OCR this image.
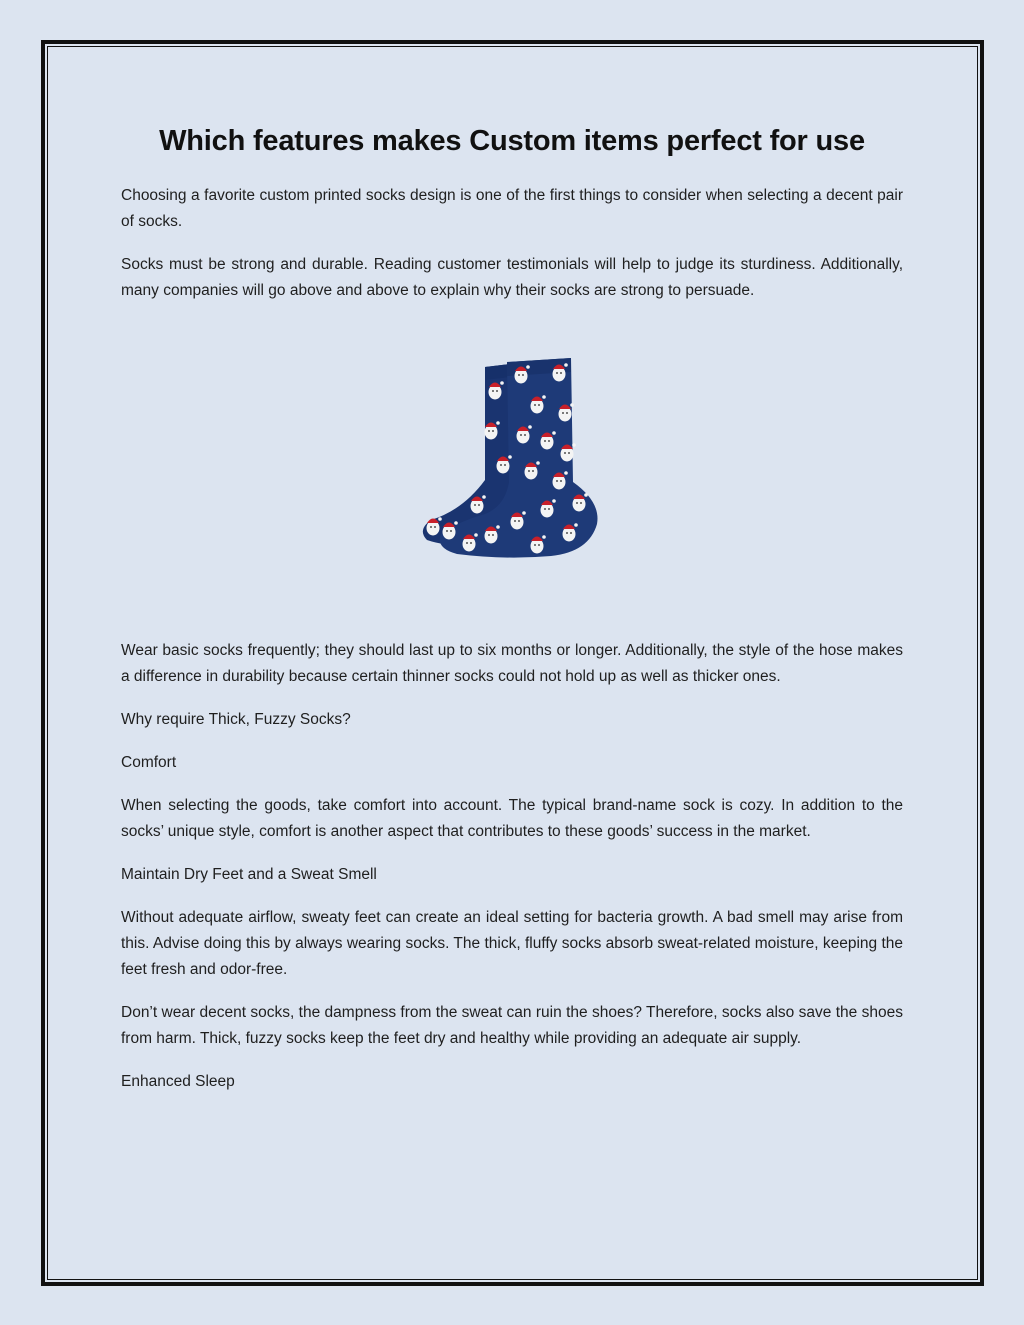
Which features makes Custom items perfect for use

Choosing a favorite custom printed socks design is one of the first things to consider when selecting a decent pair of socks.

Socks must be strong and durable. Reading customer testimonials will help to judge its sturdiness. Additionally, many companies will go above and above to explain why their socks are strong to persuade.

Wear basic socks frequently; they should last up to six months or longer. Additionally, the style of the hose makes a difference in durability because certain thinner socks could not hold up as well as thicker ones.

Why require Thick, Fuzzy Socks?

Comfort

When selecting the goods, take comfort into account. The typical brand-name sock is cozy. In addition to the socks’ unique style, comfort is another aspect that contributes to these goods’ success in the market.

Maintain Dry Feet and a Sweat Smell

Without adequate airflow, sweaty feet can create an ideal setting for bacteria growth. A bad smell may arise from this. Advise doing this by always wearing socks. The thick, fluffy socks absorb sweat-related moisture, keeping the feet fresh and odor-free.

Don’t wear decent socks, the dampness from the sweat can ruin the shoes? Therefore, socks also save the shoes from harm. Thick, fuzzy socks keep the feet dry and healthy while providing an adequate air supply.

Enhanced Sleep
